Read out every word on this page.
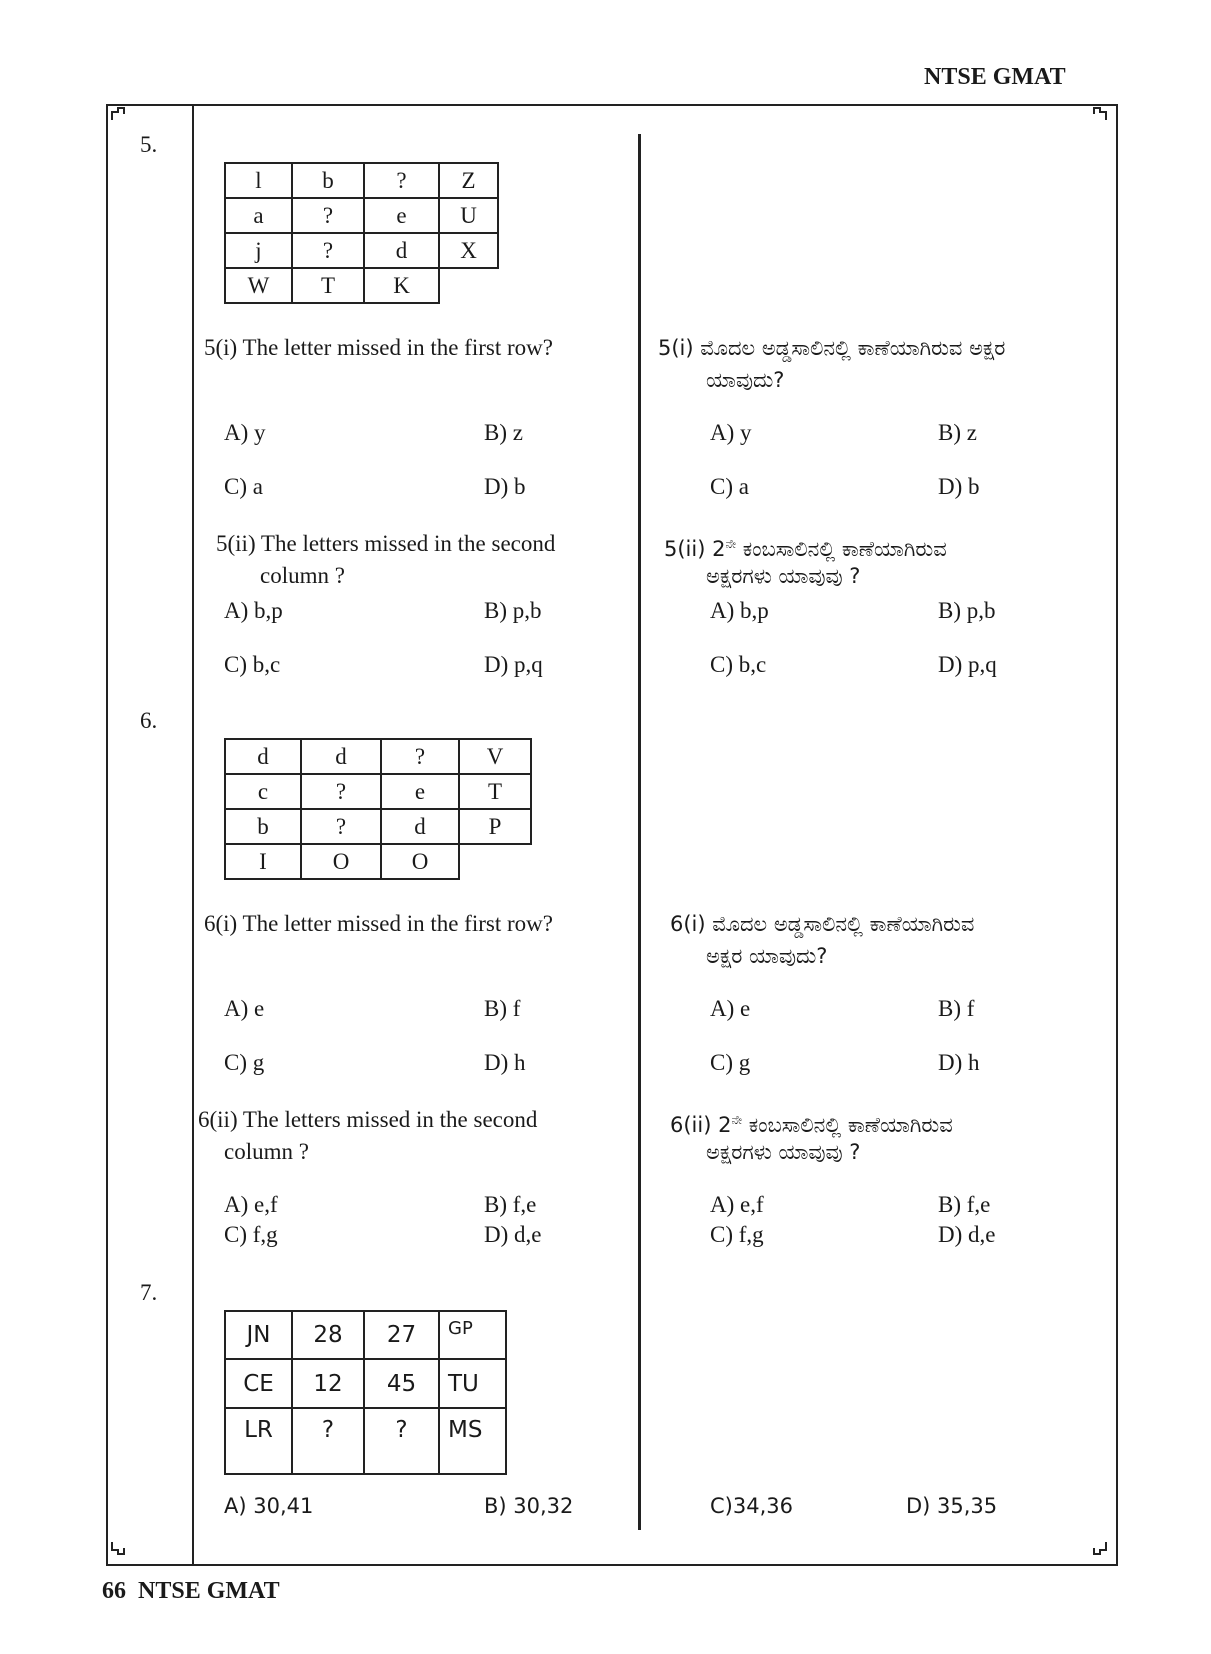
NTSE GMAT
5.
l	b	?	Z
a	?	e	U
j	?	d	X
W	T	K	
5(i) The letter missed in the first row?	5(i) ಮೊದಲ ಅಡ್ಡಸಾಲಿನಲ್ಲಿ ಕಾಣೆಯಾಗಿರುವ ಅಕ್ಷರ
ಯಾವುದು?
A) y	B) z
C) a	D) b
A) y	B) z
C) a	D) b
5(ii) The letters missed in the second
column ?
5(ii) $2^{ನೇ}$ ಕಂಬಸಾಲಿನಲ್ಲಿ ಕಾಣೆಯಾಗಿರುವ
ಅಕ್ಷರಗಳು ಯಾವುವು ?
A) b,p	B) p,b
C) b,c	D) p,q
A) b,p	B) p,b
C) b,c	D) p,q
6.
d	d	?	V
c	?	e	T
b	?	d	P
I	O	O	
6(i) The letter missed in the first row?	6(i) ಮೊದಲ ಅಡ್ಡಸಾಲಿನಲ್ಲಿ ಕಾಣೆಯಾಗಿರುವ
ಅಕ್ಷರ ಯಾವುದು?
A) e	B) f
C) g	D) h
A) e	B) f
C) g	D) h
6(ii) The letters missed in the second
column ?
6(ii) $2^{ನೇ}$ ಕಂಬಸಾಲಿನಲ್ಲಿ ಕಾಣೆಯಾಗಿರುವ
ಅಕ್ಷರಗಳು ಯಾವುವು ?
A) e,f	B) f,e
C) f,g	D) d,e
A) e,f	B) f,e
C) f,g	D) d,e
7.
JN	28	27	GP
CE	12	45	TU
LR	?	?	MS
A) 30,41	B) 30,32	C)34,36	D) 35,35
66 NTSE GMAT
